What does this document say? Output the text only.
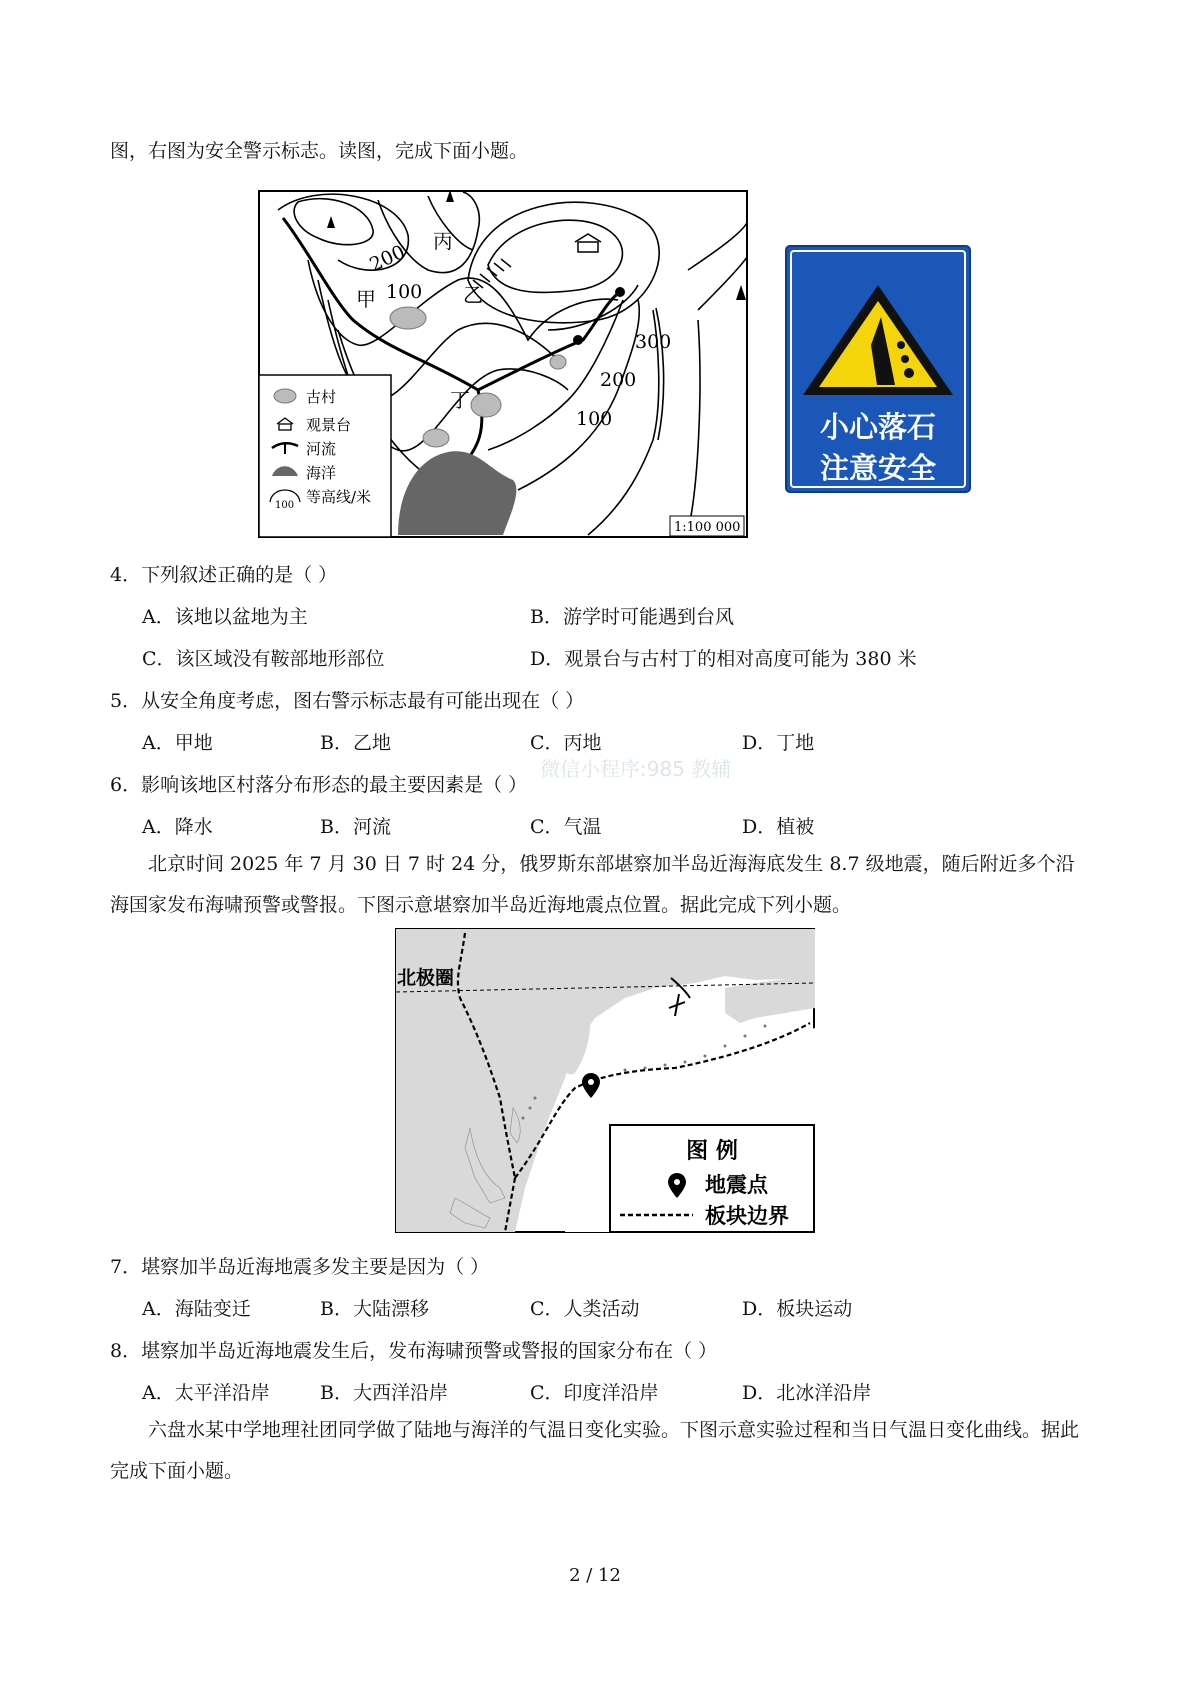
图，右图为安全警示标志。读图，完成下面小题。
200
100
300
200
100
丙
乙
甲
丁
古村
观景台
河流
海洋
100 等高线/米
1:100 000
小心落石
注意安全
4．下列叙述正确的是（ ）
A．该地以盆地为主	B．游学时可能遇到台风
C．该区域没有鞍部地形部位	D．观景台与古村丁的相对高度可能为 380 米
微信小程序:985 教辅
5．从安全角度考虑，图右警示标志最有可能出现在（ ）
A．甲地	B．乙地	C．丙地	D．丁地
6．影响该地区村落分布形态的最主要因素是（ ）
A．降水	B．河流	C．气温	D．植被
北京时间 2025 年 7 月 30 日 7 时 24 分，俄罗斯东部堪察加半岛近海海底发生 8.7 级地震，随后附近多个沿海国家发布海啸预警或警报。下图示意堪察加半岛近海地震点位置。据此完成下列小题。
北极圈
图 例
地震点
板块边界
7．堪察加半岛近海地震多发主要是因为（ ）
A．海陆变迁	B．大陆漂移	C．人类活动	D．板块运动
8．堪察加半岛近海地震发生后，发布海啸预警或警报的国家分布在（ ）
A．太平洋沿岸	B．大西洋沿岸	C．印度洋沿岸	D．北冰洋沿岸
六盘水某中学地理社团同学做了陆地与海洋的气温日变化实验。下图示意实验过程和当日气温日变化曲线。据此完成下面小题。
2 / 12
